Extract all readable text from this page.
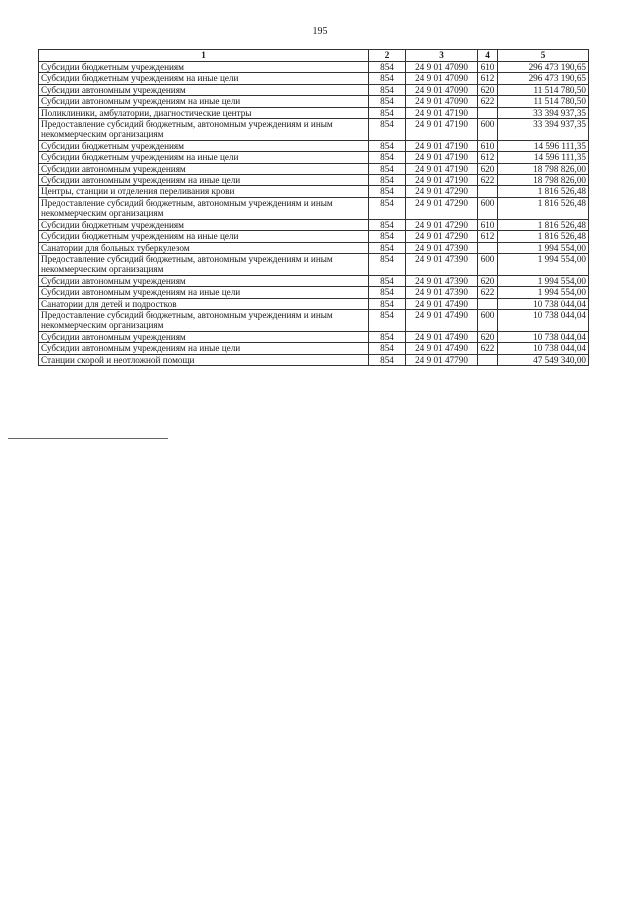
195
1	2	3	4	5
Субсидии бюджетным учреждениям	854	24 9 01 47090	610	296 473 190,65
Субсидии бюджетным учреждениям на иные цели	854	24 9 01 47090	612	296 473 190,65
Субсидии автономным учреждениям	854	24 9 01 47090	620	11 514 780,50
Субсидии автономным учреждениям на иные цели	854	24 9 01 47090	622	11 514 780,50
Поликлиники, амбулатории, диагностические центры	854	24 9 01 47190		33 394 937,35
Предоставление субсидий бюджетным, автономным учреждениям и иным некоммерческим организациям	854	24 9 01 47190	600	33 394 937,35
Субсидии бюджетным учреждениям	854	24 9 01 47190	610	14 596 111,35
Субсидии бюджетным учреждениям на иные цели	854	24 9 01 47190	612	14 596 111,35
Субсидии автономным учреждениям	854	24 9 01 47190	620	18 798 826,00
Субсидии автономным учреждениям на иные цели	854	24 9 01 47190	622	18 798 826,00
Центры, станции и отделения переливания крови	854	24 9 01 47290		1 816 526,48
Предоставление субсидий бюджетным, автономным учреждениям и иным некоммерческим организациям	854	24 9 01 47290	600	1 816 526,48
Субсидии бюджетным учреждениям	854	24 9 01 47290	610	1 816 526,48
Субсидии бюджетным учреждениям на иные цели	854	24 9 01 47290	612	1 816 526,48
Санатории для больных туберкулезом	854	24 9 01 47390		1 994 554,00
Предоставление субсидий бюджетным, автономным учреждениям и иным некоммерческим организациям	854	24 9 01 47390	600	1 994 554,00
Субсидии автономным учреждениям	854	24 9 01 47390	620	1 994 554,00
Субсидии автономным учреждениям на иные цели	854	24 9 01 47390	622	1 994 554,00
Санатории для детей и подростков	854	24 9 01 47490		10 738 044,04
Предоставление субсидий бюджетным, автономным учреждениям и иным некоммерческим организациям	854	24 9 01 47490	600	10 738 044,04
Субсидии автономным учреждениям	854	24 9 01 47490	620	10 738 044,04
Субсидии автономным учреждениям на иные цели	854	24 9 01 47490	622	10 738 044,04
Станции скорой и неотложной помощи	854	24 9 01 47790		47 549 340,00
